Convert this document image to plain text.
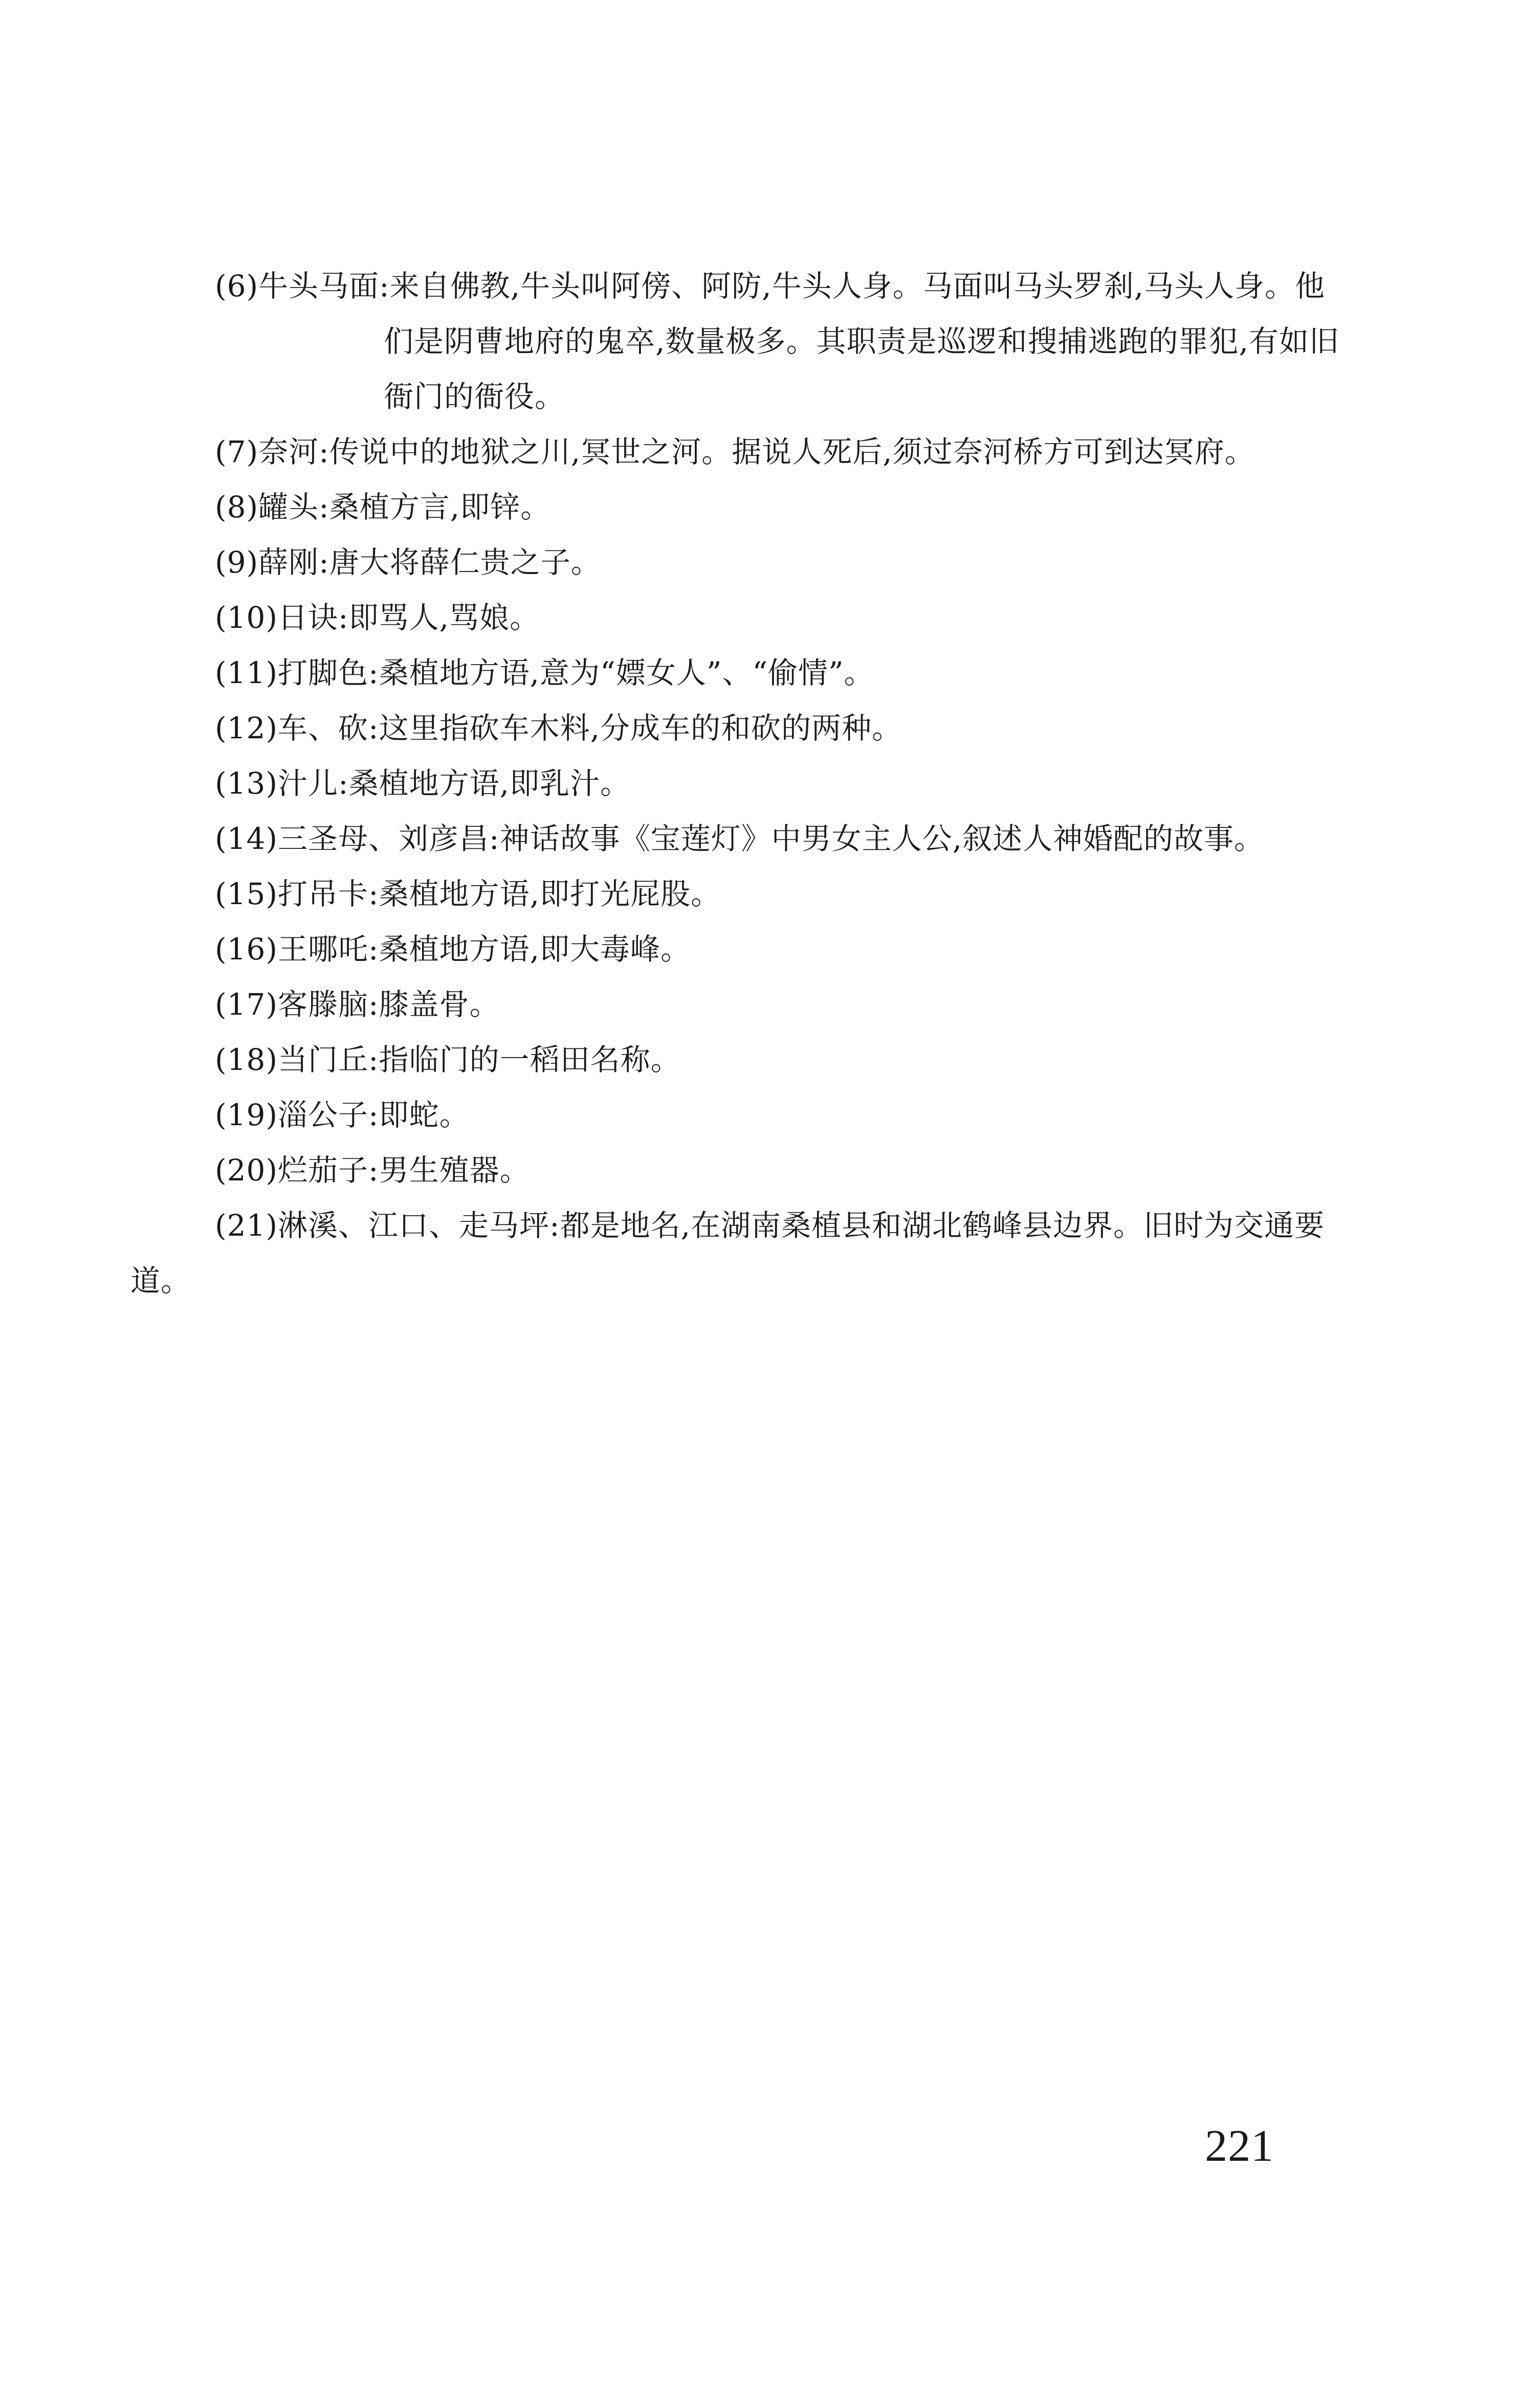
(6)牛头马面:来自佛教,牛头叫阿傍、阿防,牛头人身。马面叫马头罗刹,马头人身。他们是阴曹地府的鬼卒,数量极多。其职责是巡逻和搜捕逃跑的罪犯,有如旧衙门的衙役。
(7)奈河:传说中的地狱之川,冥世之河。据说人死后,须过奈河桥方可到达冥府。
(8)罐头:桑植方言,即锌。
(9)薛刚:唐大将薛仁贵之子。
(10)日诀:即骂人,骂娘。
(11)打脚色:桑植地方语,意为“嫖女人”、“偷情”。
(12)车、砍:这里指砍车木料,分成车的和砍的两种。
(13)汁儿:桑植地方语,即乳汁。
(14)三圣母、刘彦昌:神话故事《宝莲灯》中男女主人公,叙述人神婚配的故事。
(15)打吊卡:桑植地方语,即打光屁股。
(16)王哪吒:桑植地方语,即大毒峰。
(17)客滕脑:膝盖骨。
(18)当门丘:指临门的一稻田名称。
(19)淄公子:即蛇。
(20)烂茄子:男生殖器。
(21)淋溪、江口、走马坪:都是地名,在湖南桑植县和湖北鹤峰县边界。旧时为交通要道。
221
